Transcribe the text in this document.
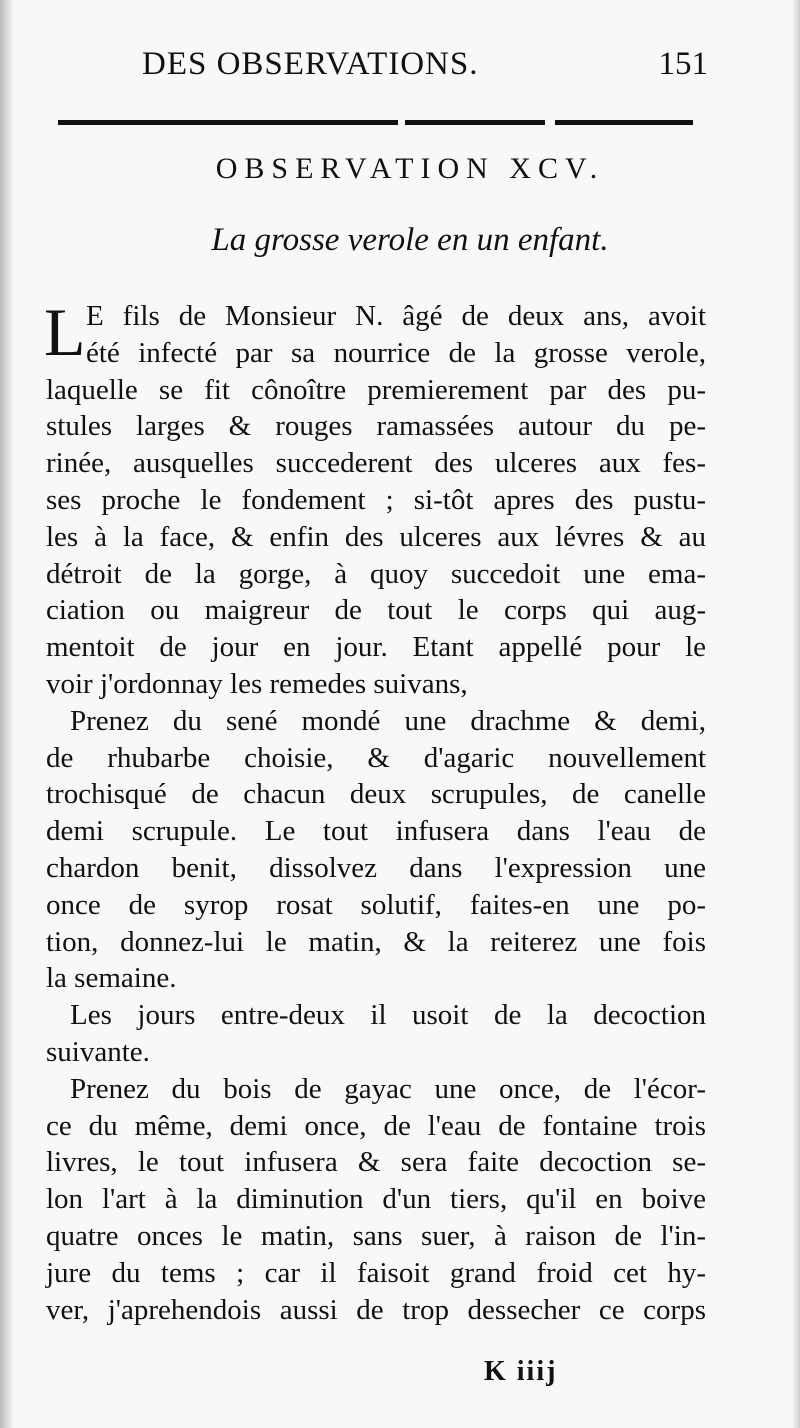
DES OBSERVATIONS.	151
OBSERVATION XCV.
La grosse verole en un enfant.
L E fils de Monsieur N. âgé de deux ans, avoit
été infecté par sa nourrice de la grosse verole,
laquelle se fit cônoître premierement par des pu-
stules larges & rouges ramassées autour du pe-
rinée, ausquelles succederent des ulceres aux fes-
ses proche le fondement ; si-tôt apres des pustu-
les à la face, & enfin des ulceres aux lévres & au
détroit de la gorge, à quoy succedoit une ema-
ciation ou maigreur de tout le corps qui aug-
mentoit de jour en jour. Etant appellé pour le
voir j'ordonnay les remedes suivans,
Prenez du sené mondé une drachme & demi,
de rhubarbe choisie, & d'agaric nouvellement
trochisqué de chacun deux scrupules, de canelle
demi scrupule. Le tout infusera dans l'eau de
chardon benit, dissolvez dans l'expression une
once de syrop rosat solutif, faites-en une po-
tion, donnez-lui le matin, & la reiterez une fois
la semaine.
Les jours entre-deux il usoit de la decoction
suivante.
Prenez du bois de gayac une once, de l'écor-
ce du même, demi once, de l'eau de fontaine trois
livres, le tout infusera & sera faite decoction se-
lon l'art à la diminution d'un tiers, qu'il en boive
quatre onces le matin, sans suer, à raison de l'in-
jure du tems ; car il faisoit grand froid cet hy-
ver, j'aprehendois aussi de trop dessecher ce corps
K iiij
